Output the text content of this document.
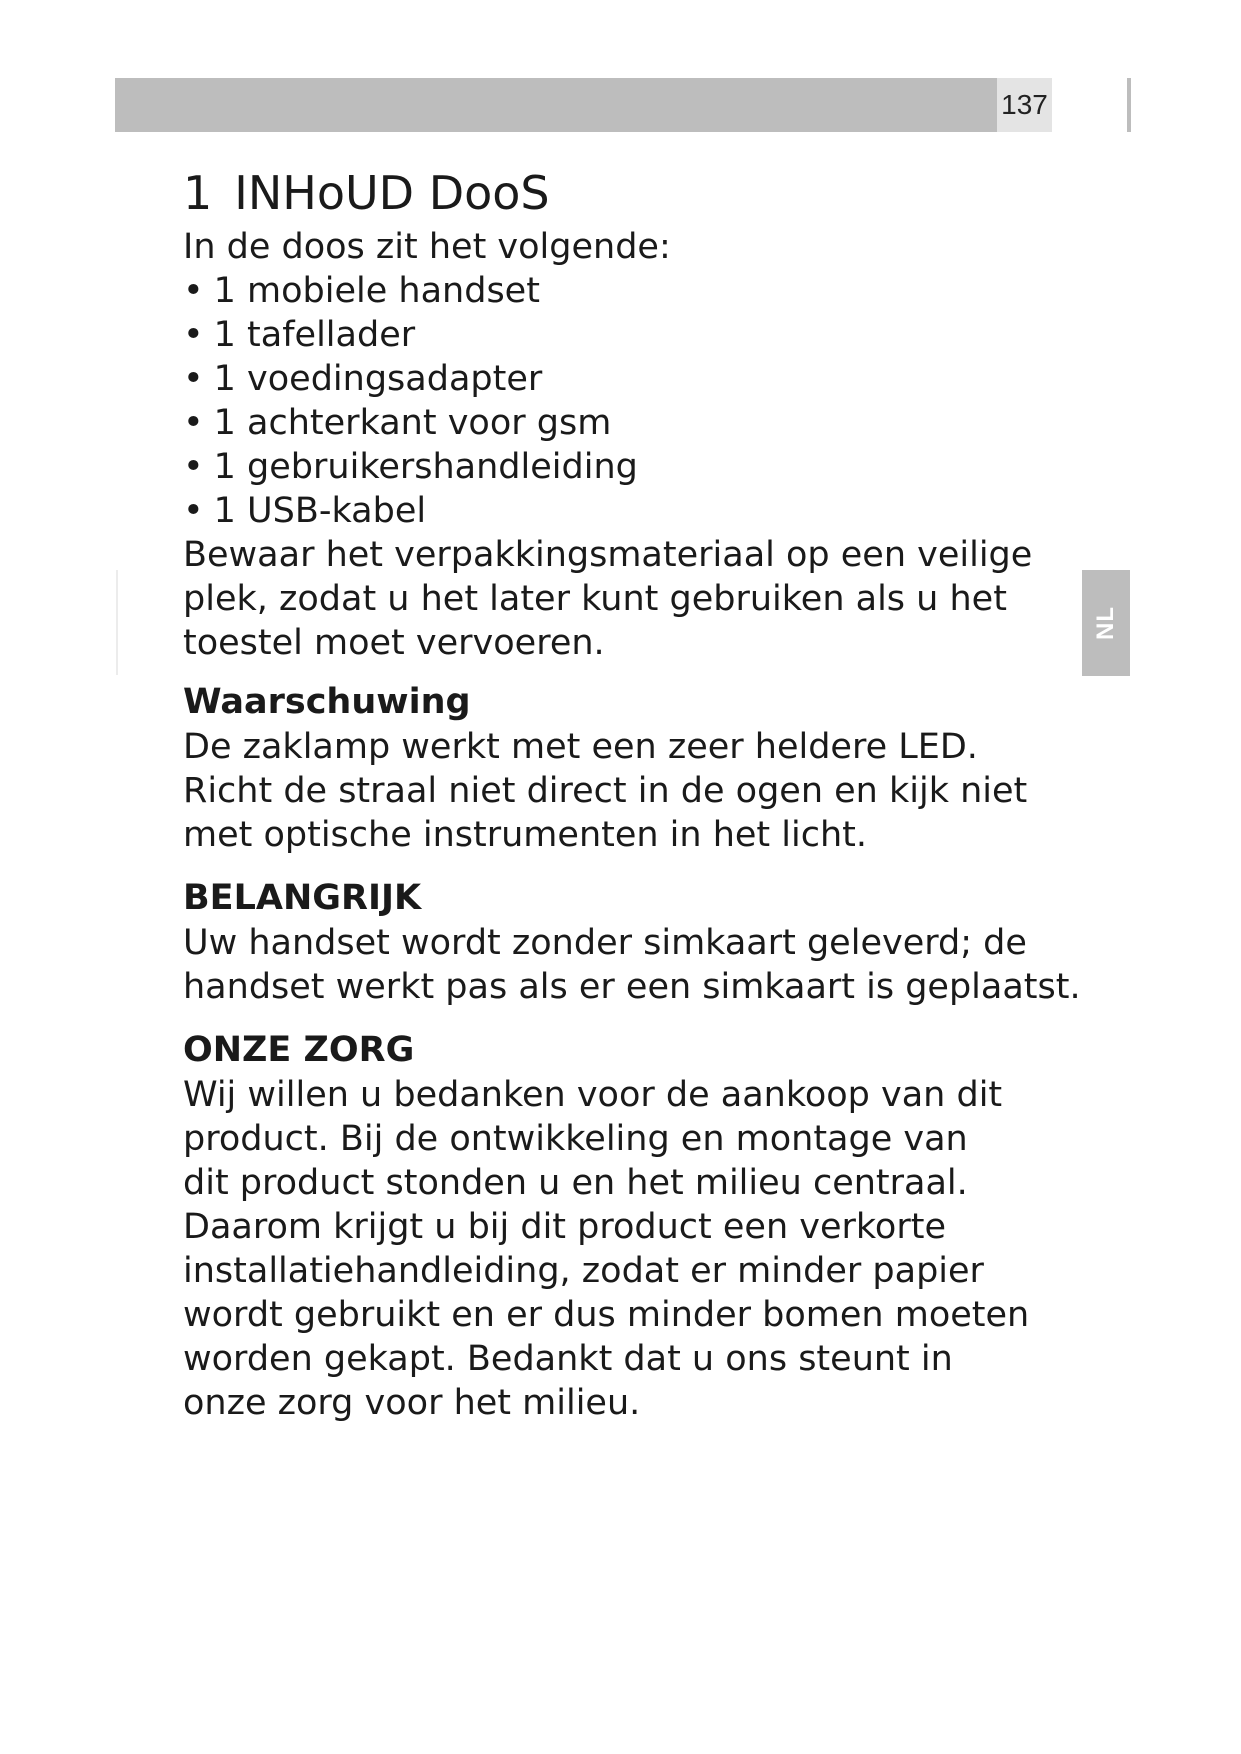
137
NL
1 INHoUD DooS

In de doos zit het volgende:

• 1 mobiele handset
• 1 tafellader
• 1 voedingsadapter
• 1 achterkant voor gsm
• 1 gebruikershandleiding
• 1 USB-kabel

Bewaar het verpakkingsmateriaal op een veilige

plek, zodat u het later kunt gebruiken als u het

toestel moet vervoeren.

Waarschuwing

De zaklamp werkt met een zeer heldere LED.

Richt de straal niet direct in de ogen en kijk niet

met optische instrumenten in het licht.

BELANGRIJK

Uw handset wordt zonder simkaart geleverd; de

handset werkt pas als er een simkaart is geplaatst.

ONZE ZORG

Wij willen u bedanken voor de aankoop van dit

product. Bij de ontwikkeling en montage van

dit product stonden u en het milieu centraal.

Daarom krijgt u bij dit product een verkorte

installatiehandleiding, zodat er minder papier

wordt gebruikt en er dus minder bomen moeten

worden gekapt. Bedankt dat u ons steunt in

onze zorg voor het milieu.
